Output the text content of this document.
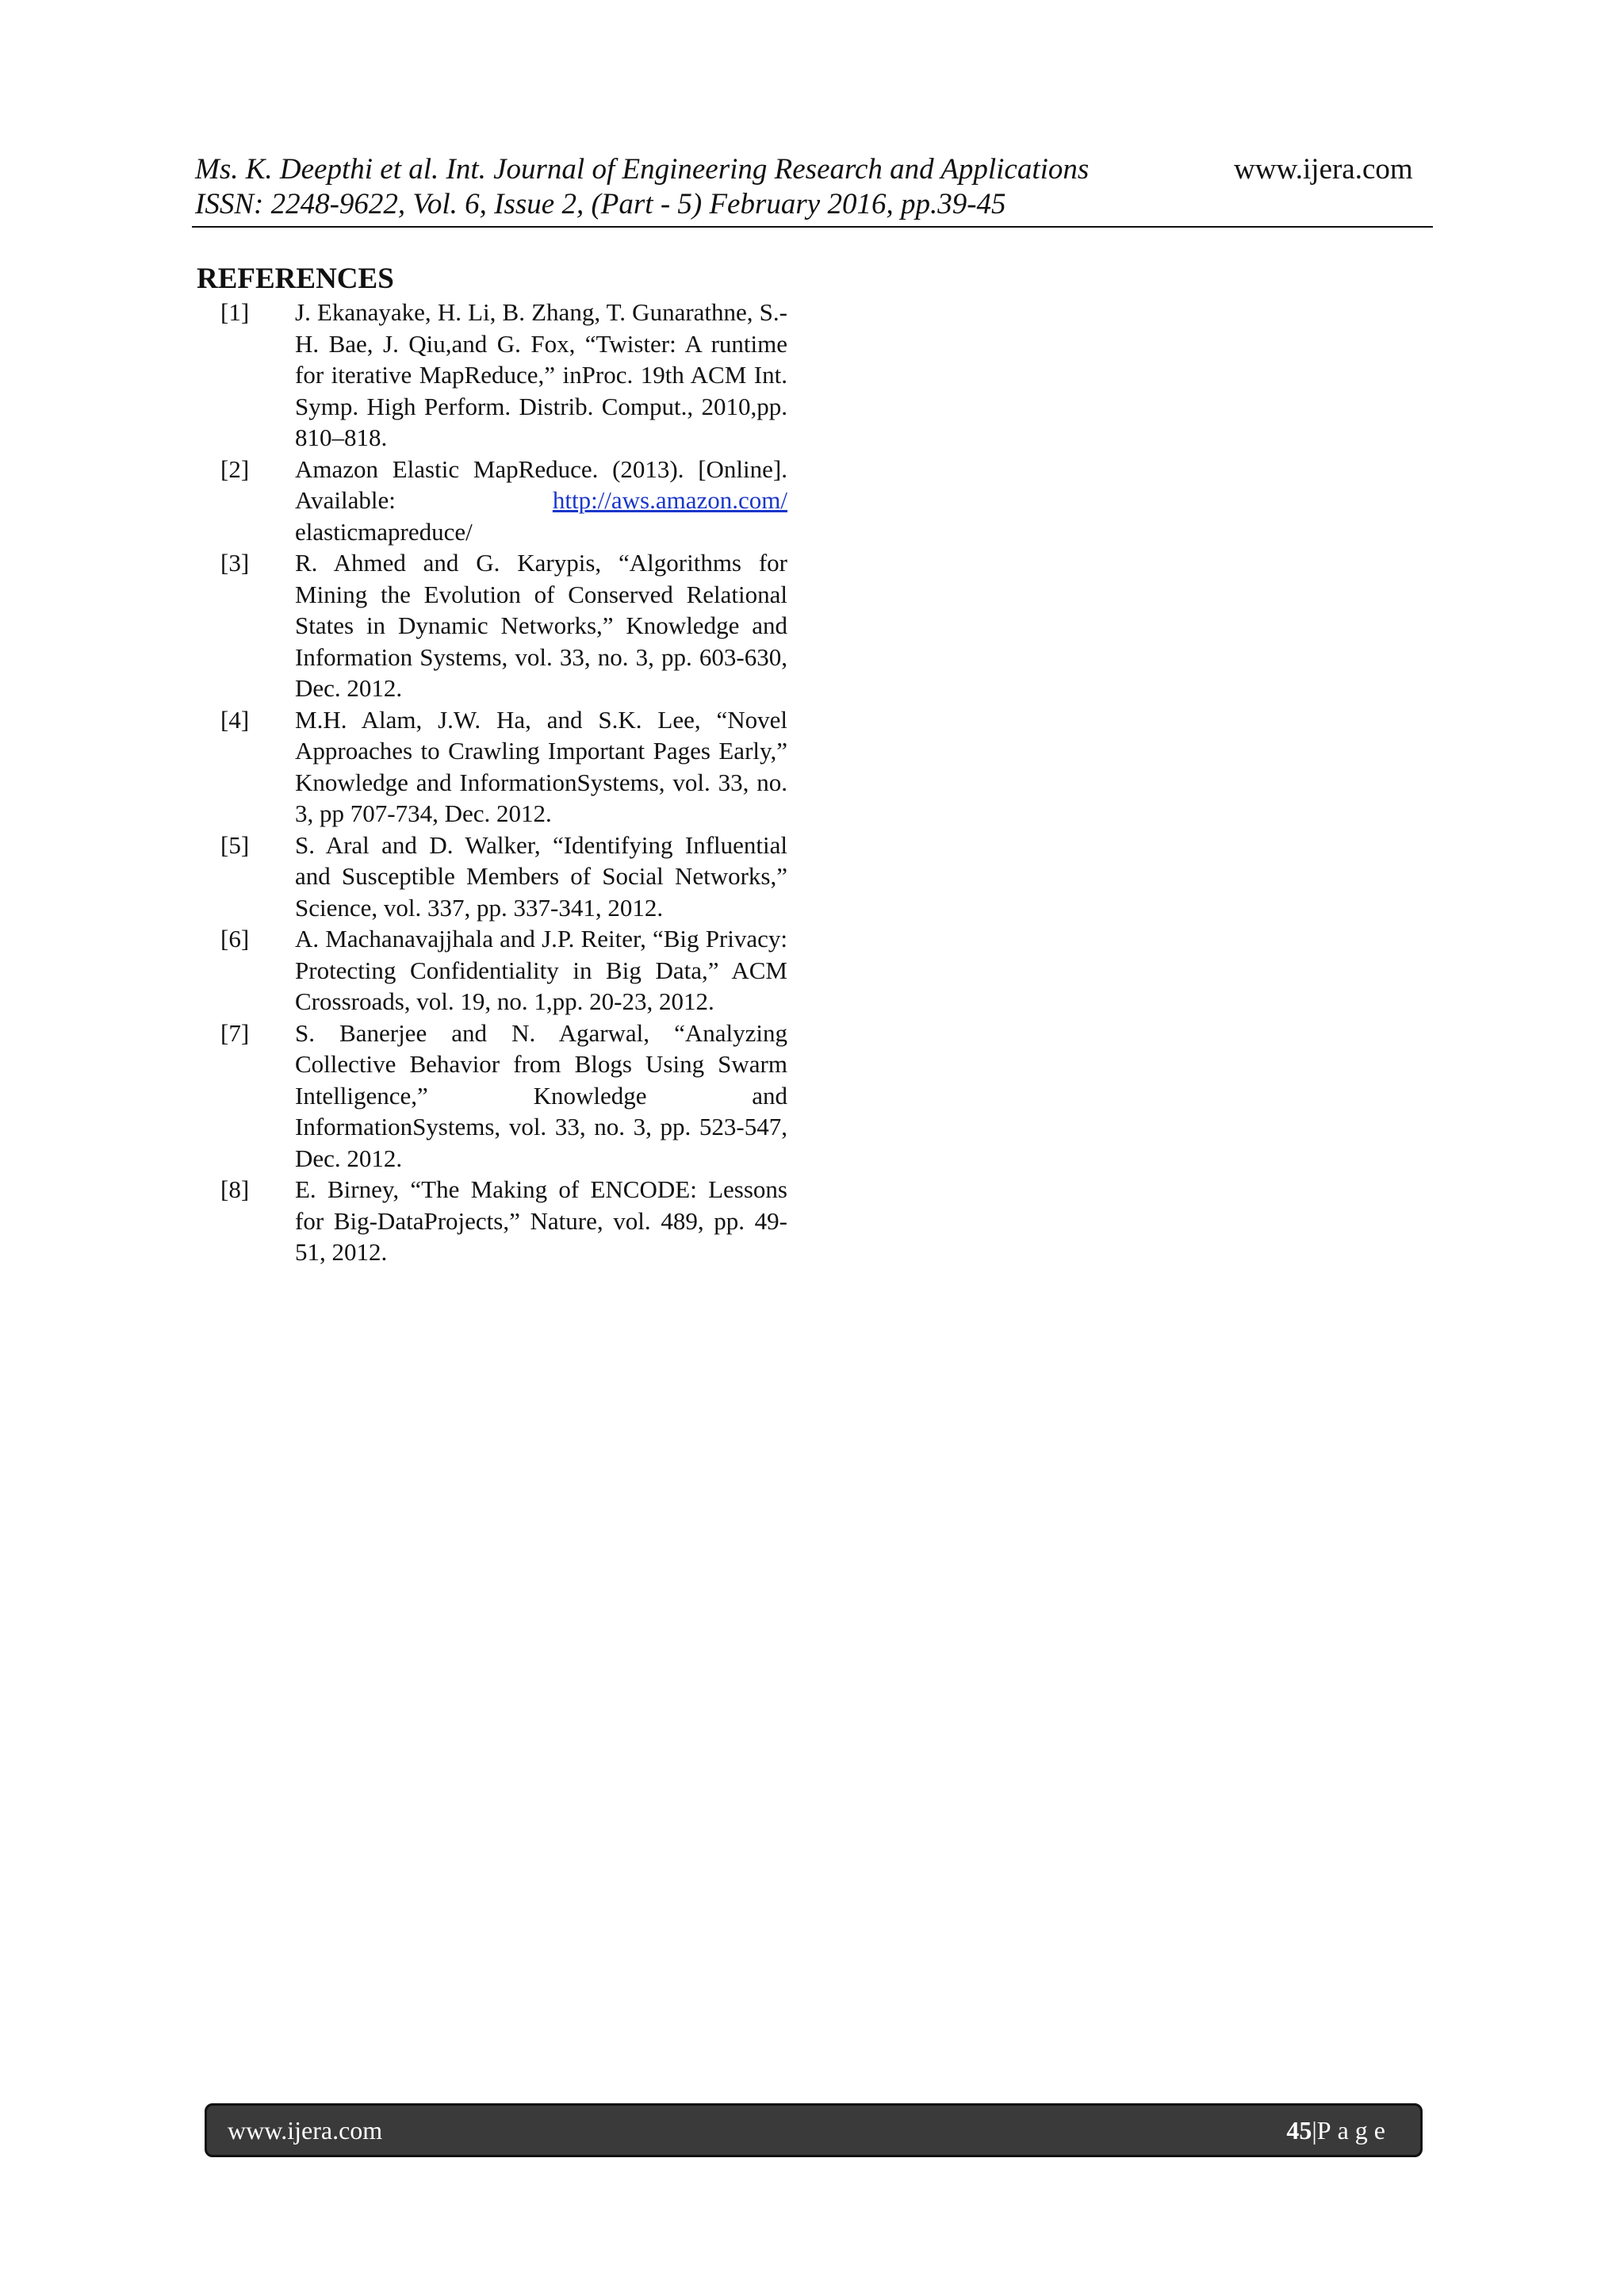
Ms. K. Deepthi et al. Int. Journal of Engineering Research and Applications
ISSN: 2248-9622, Vol. 6, Issue 2, (Part - 5) February 2016, pp.39-45
www.ijera.com
REFERENCES
[1]	J. Ekanayake, H. Li, B. Zhang, T. Gunarathne, S.-H. Bae, J. Qiu,and G. Fox, “Twister: A runtime for iterative MapReduce,” inProc. 19th ACM Int. Symp. High Perform. Distrib. Comput., 2010,pp. 810–818.
[2]	Amazon Elastic MapReduce. (2013). [Online]. Available: http://aws.amazon.com/ elasticmapreduce/
[3]	R. Ahmed and G. Karypis, “Algorithms for Mining the Evolution of Conserved Relational States in Dynamic Networks,” Knowledge and Information Systems, vol. 33, no. 3, pp. 603-630, Dec. 2012.
[4]	M.H. Alam, J.W. Ha, and S.K. Lee, “Novel Approaches to Crawling Important Pages Early,” Knowledge and InformationSystems, vol. 33, no. 3, pp 707-734, Dec. 2012.
[5]	S. Aral and D. Walker, “Identifying Influential and Susceptible Members of Social Networks,” Science, vol. 337, pp. 337-341, 2012.
[6]	A. Machanavajjhala and J.P. Reiter, “Big Privacy: Protecting Confidentiality in Big Data,” ACM Crossroads, vol. 19, no. 1,pp. 20-23, 2012.
[7]	S. Banerjee and N. Agarwal, “Analyzing Collective Behavior from Blogs Using Swarm Intelligence,” Knowledge and InformationSystems, vol. 33, no. 3, pp. 523-547, Dec. 2012.
[8]	E. Birney, “The Making of ENCODE: Lessons for Big-DataProjects,” Nature, vol. 489, pp. 49-51, 2012.
www.ijera.com	45|Page
